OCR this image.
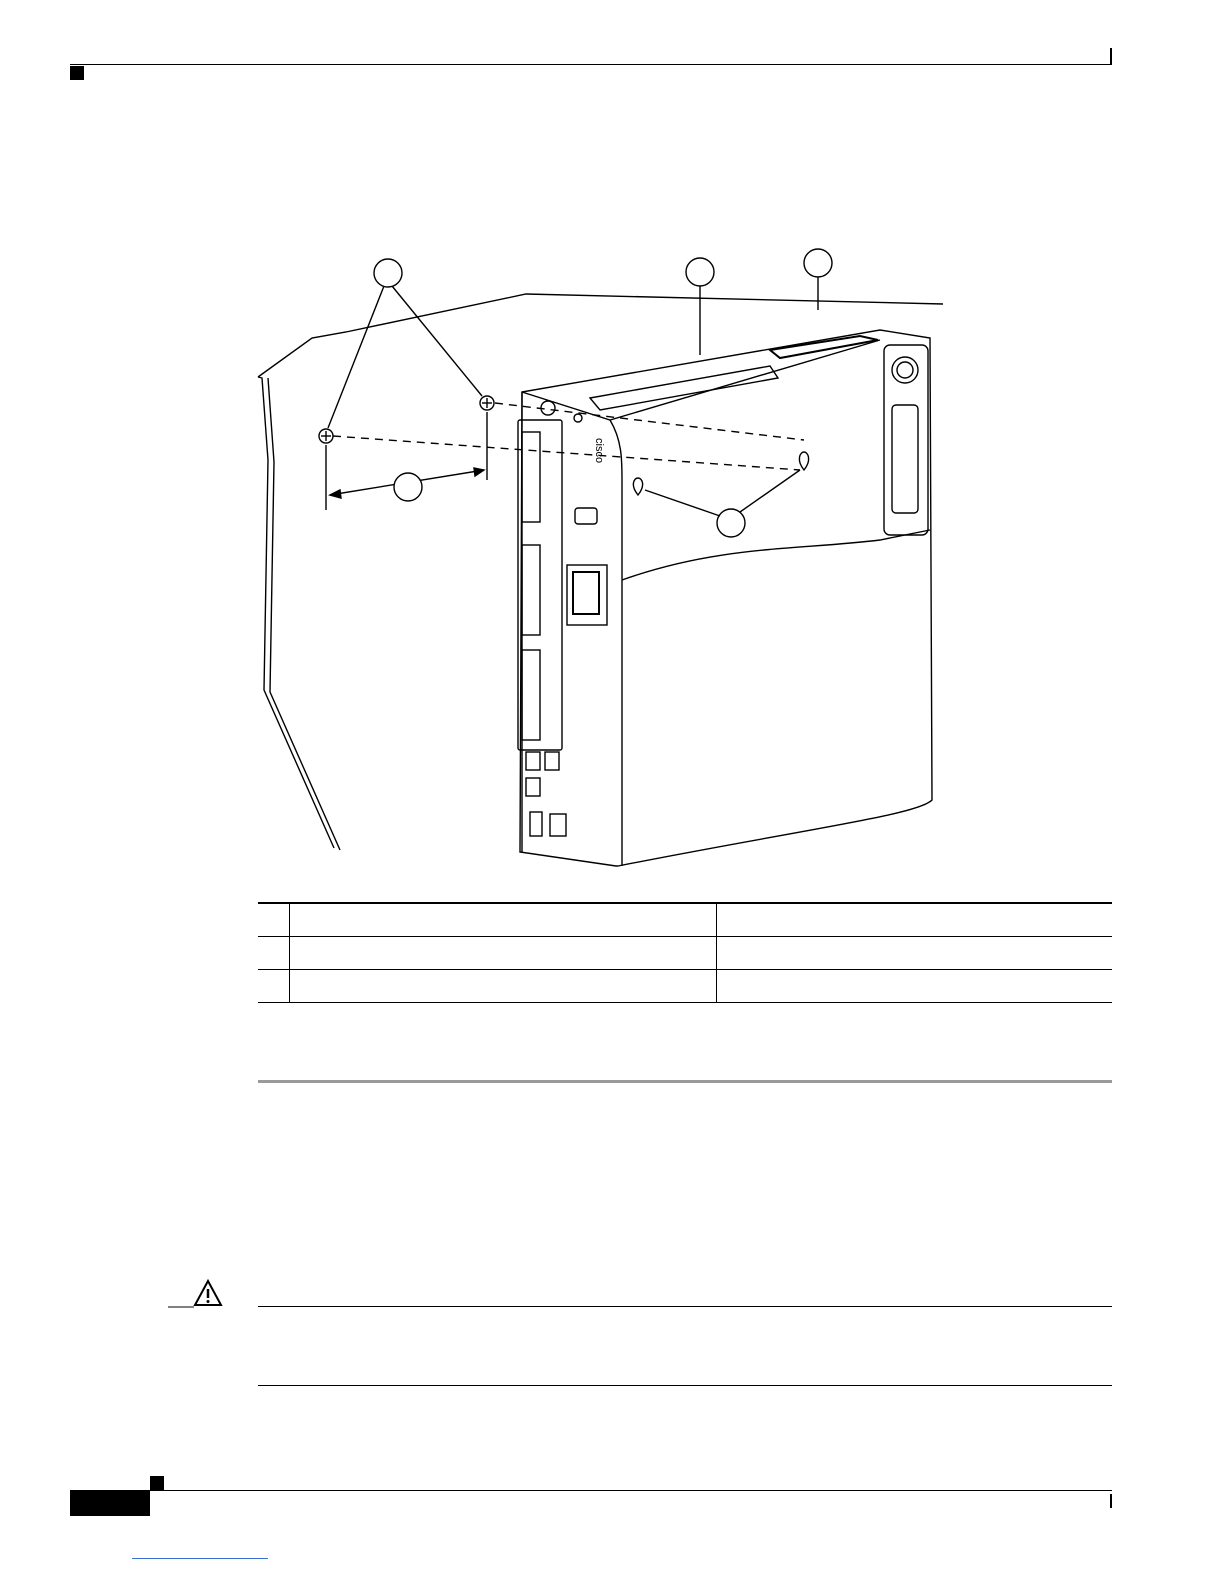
cisco
